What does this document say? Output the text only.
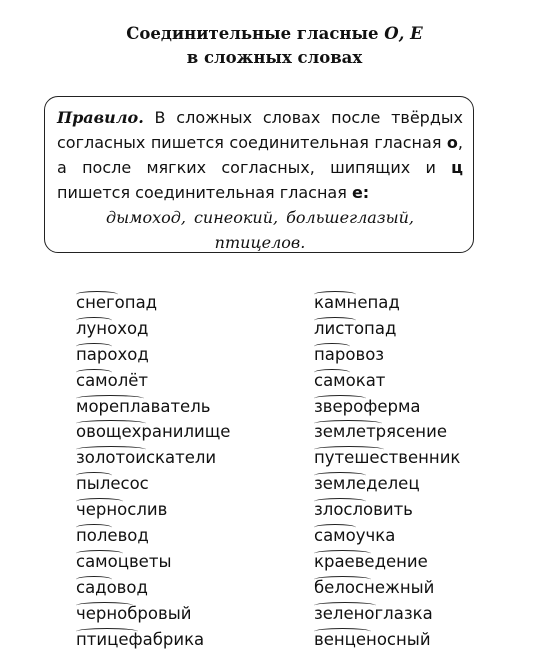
Соединительные гласные О, Е
в сложных словах
Правило. В сложных словах после твёрдых согласных пишется соединительная гласная о, а после мягких согласных, шипящих и ц пишется соединительная гласная е:
дымоход, синеокий, большеглазый,
птицелов.
снегопад
луноход
пароход
самолёт
мореплаватель
овощехранилище
золотоискатели
пылесос
чернослив
полевод
самоцветы
садовод
чернобровый
птицефабрика
камнепад
листопад
паровоз
самокат
звероферма
землетрясение
путешественник
земледелец
злословить
самоучка
краеведение
белоснежный
зеленоглазка
венценосный
